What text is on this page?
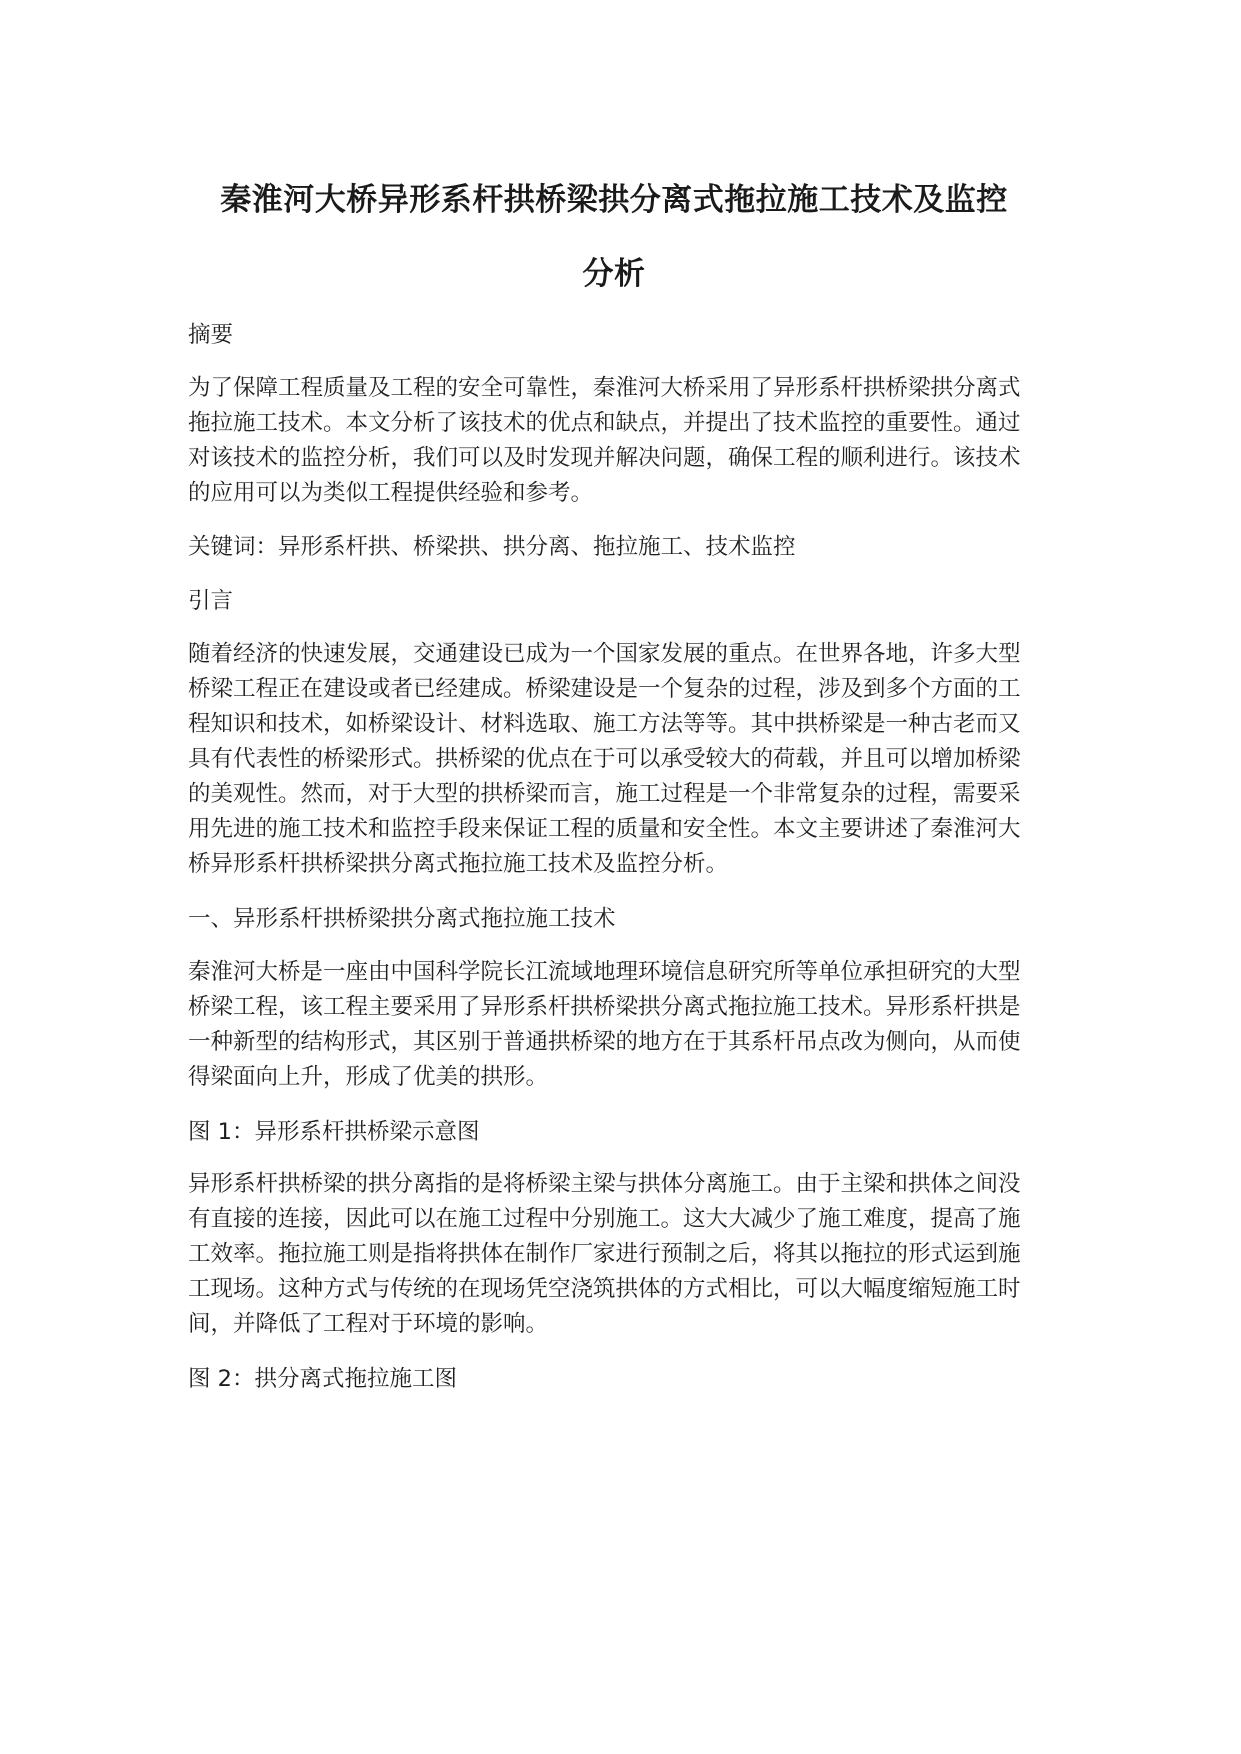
秦淮河大桥异形系杆拱桥梁拱分离式拖拉施工技术及监控
分析

摘要

为了保障工程质量及工程的安全可靠性，秦淮河大桥采用了异形系杆拱桥梁拱分离式
拖拉施工技术。本文分析了该技术的优点和缺点，并提出了技术监控的重要性。通过
对该技术的监控分析，我们可以及时发现并解决问题，确保工程的顺利进行。该技术
的应用可以为类似工程提供经验和参考。

关键词：异形系杆拱、桥梁拱、拱分离、拖拉施工、技术监控

引言

随着经济的快速发展，交通建设已成为一个国家发展的重点。在世界各地，许多大型
桥梁工程正在建设或者已经建成。桥梁建设是一个复杂的过程，涉及到多个方面的工
程知识和技术，如桥梁设计、材料选取、施工方法等等。其中拱桥梁是一种古老而又
具有代表性的桥梁形式。拱桥梁的优点在于可以承受较大的荷载，并且可以增加桥梁
的美观性。然而，对于大型的拱桥梁而言，施工过程是一个非常复杂的过程，需要采
用先进的施工技术和监控手段来保证工程的质量和安全性。本文主要讲述了秦淮河大
桥异形系杆拱桥梁拱分离式拖拉施工技术及监控分析。

一、异形系杆拱桥梁拱分离式拖拉施工技术

秦淮河大桥是一座由中国科学院长江流域地理环境信息研究所等单位承担研究的大型
桥梁工程，该工程主要采用了异形系杆拱桥梁拱分离式拖拉施工技术。异形系杆拱是
一种新型的结构形式，其区别于普通拱桥梁的地方在于其系杆吊点改为侧向，从而使
得梁面向上升，形成了优美的拱形。

图 1：异形系杆拱桥梁示意图

异形系杆拱桥梁的拱分离指的是将桥梁主梁与拱体分离施工。由于主梁和拱体之间没
有直接的连接，因此可以在施工过程中分别施工。这大大减少了施工难度，提高了施
工效率。拖拉施工则是指将拱体在制作厂家进行预制之后，将其以拖拉的形式运到施
工现场。这种方式与传统的在现场凭空浇筑拱体的方式相比，可以大幅度缩短施工时
间，并降低了工程对于环境的影响。

图 2：拱分离式拖拉施工图
